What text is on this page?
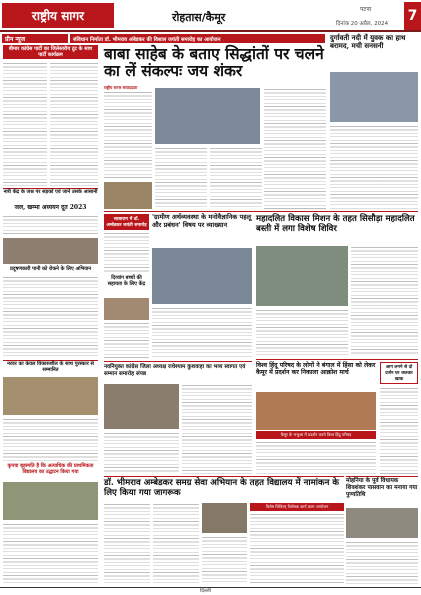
राष्ट्रीय सागर	रोहतास/कैमूर
पटना
दिनांक 20 अप्रैल, 2024 7
प्रीन न्यूज	संविधान निर्माता डॉ. भीमराव अंबेडकर की विशाल जयंती समारोह का आयोजन
बीमार कांग्रेस पार्टी का जिलेस्तरीय टूट के साथ पार्टी कार्यक्रम
नारी केंद्र के जश्न पर सड़कों एवं जानें उसके आसानी
जल, खम्भा अध्ययन दूत 2023
प्रदूषणकारी पानी को रोकने के लिए अभियान
नरवर का केवल विकासशील के साथ पुरस्कार से सम्मानित
कृपया बृहस्पति है कि अत्याधिक की प्राथमिकता विद्यालय का उद्घाटन किया गया
बाबा साहेब के बताए सिद्धांतों पर चलने का लें संकल्पः जय शंकर
राष्ट्रीय सागर संवाददाता
दुर्गावती नदी में युवक का हाथ बरामद, मची सनसनी
'ग्रामीण अर्थव्यवस्था के मनोवैज्ञानिक पहलू और प्रबंधन' विषय पर व्याख्यान
सासाराम में डॉ. अम्बेडकर जयंती समारोह
दिव्यांग बच्चों की सहायता के लिए केंद्र
नवनियुक्त कांग्रेस जिला अध्यक्ष राधेश्याम कुशवाहा का भव्य स्वागत एवं सम्मान समारोह संपन्न
महादलित विकास मिशन के तहत सिसौड़ा महादलित बस्ती में लगा विशेष शिविर
विश्व हिंदू परिषद के लोगों ने बंगाल में हिंसा को लेकर कैमूर में प्रदर्शन कर निकाला आक्रोश मार्च
कैमूर के भभुआ में प्रदर्शन करते विश्व हिंदू परिषद
आग लगने से दो दर्जन घर जलकर खाक
मोहनिया के पूर्व विधायक शिवशंकर पासवान का मनाया गया पुण्यतिथि
डॉ. भीमराव अम्बेडकर समग्र सेवा अभियान के तहत विद्यालय में नामांकन के लिए किया गया जागरूक
विशेष शिविरम् विशेषक कार्य काम आयोजन
दिल्ली
